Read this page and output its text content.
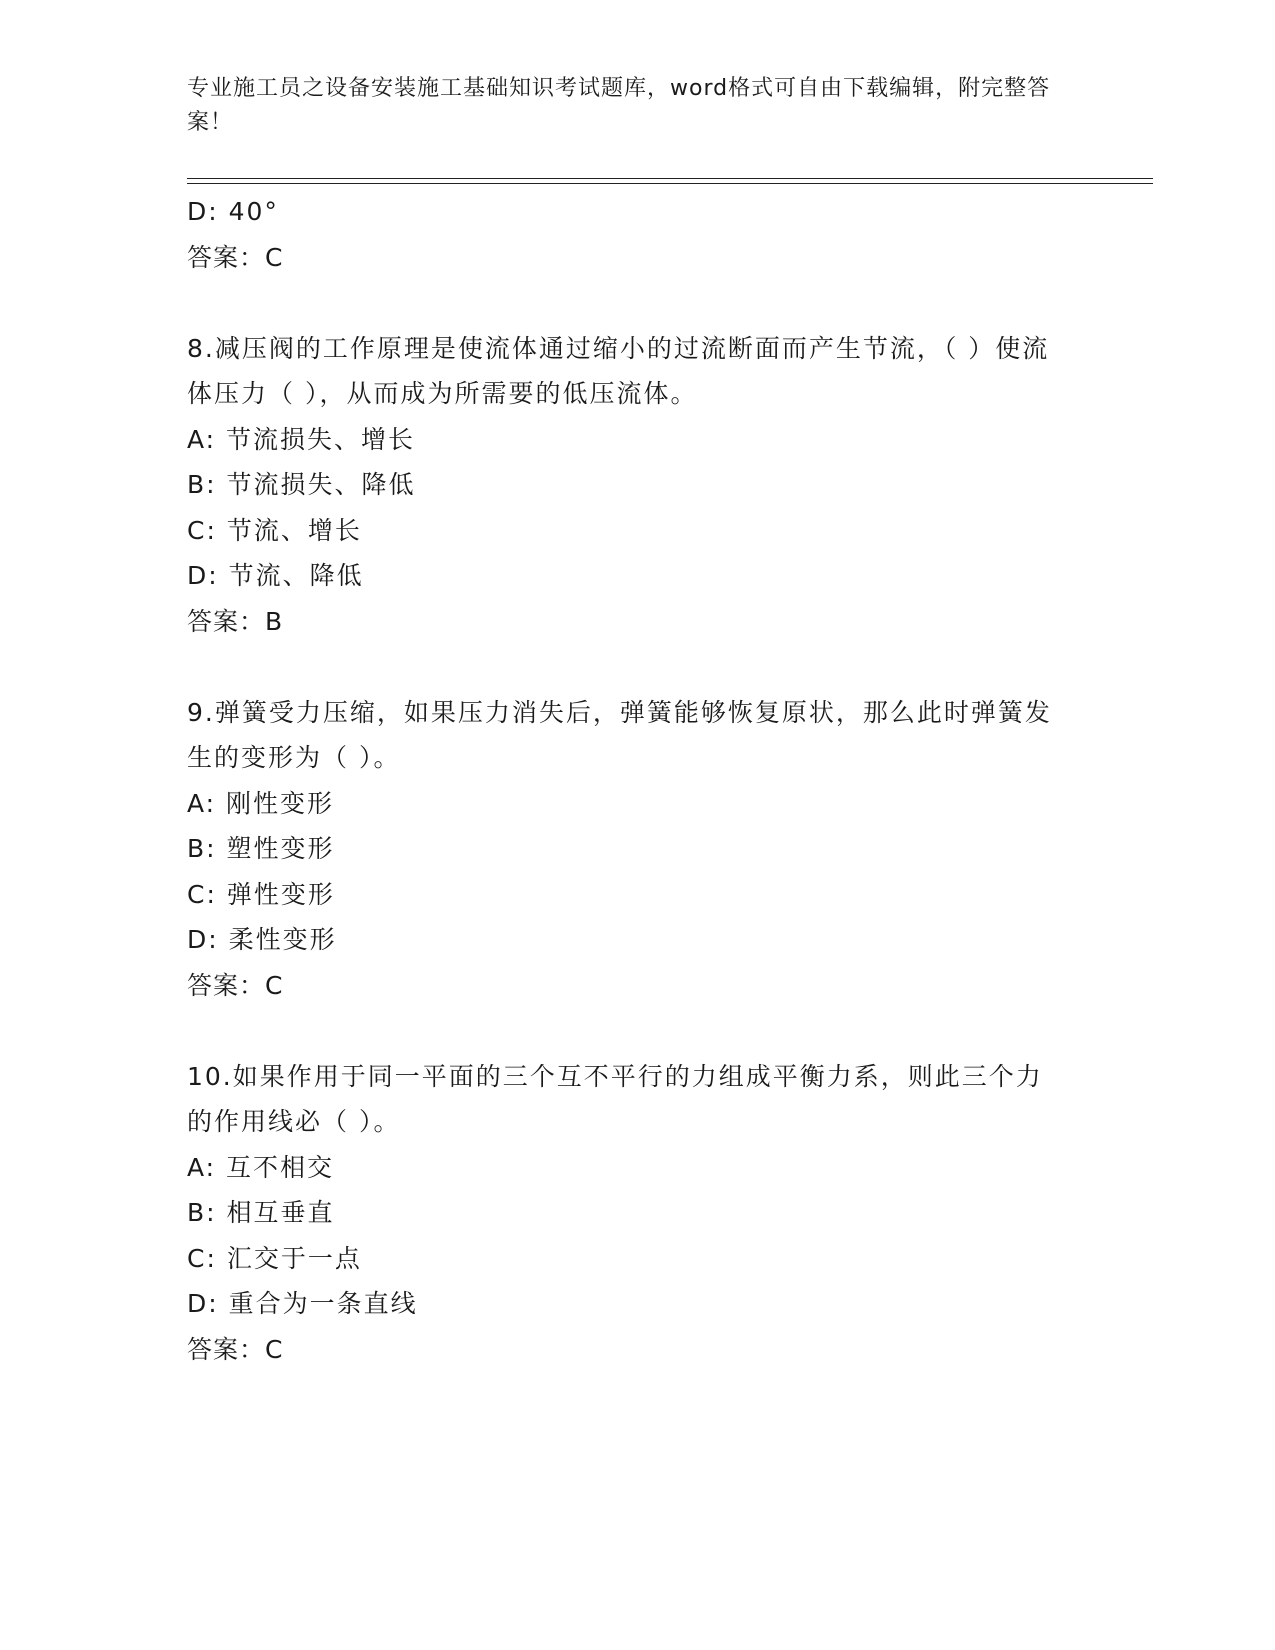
专业施工员之设备安装施工基础知识考试题库，word格式可自由下载编辑，附完整答案！
D: 40°
答案：C
8.减压阀的工作原理是使流体通过缩小的过流断面而产生节流，（ ）使流体压力（ ），从而成为所需要的低压流体。
A: 节流损失、增长
B: 节流损失、降低
C: 节流、增长
D: 节流、降低
答案：B
9.弹簧受力压缩，如果压力消失后，弹簧能够恢复原状，那么此时弹簧发生的变形为（ ）。
A: 刚性变形
B: 塑性变形
C: 弹性变形
D: 柔性变形
答案：C
10.如果作用于同一平面的三个互不平行的力组成平衡力系，则此三个力的作用线必（ ）。
A: 互不相交
B: 相互垂直
C: 汇交于一点
D: 重合为一条直线
答案：C
